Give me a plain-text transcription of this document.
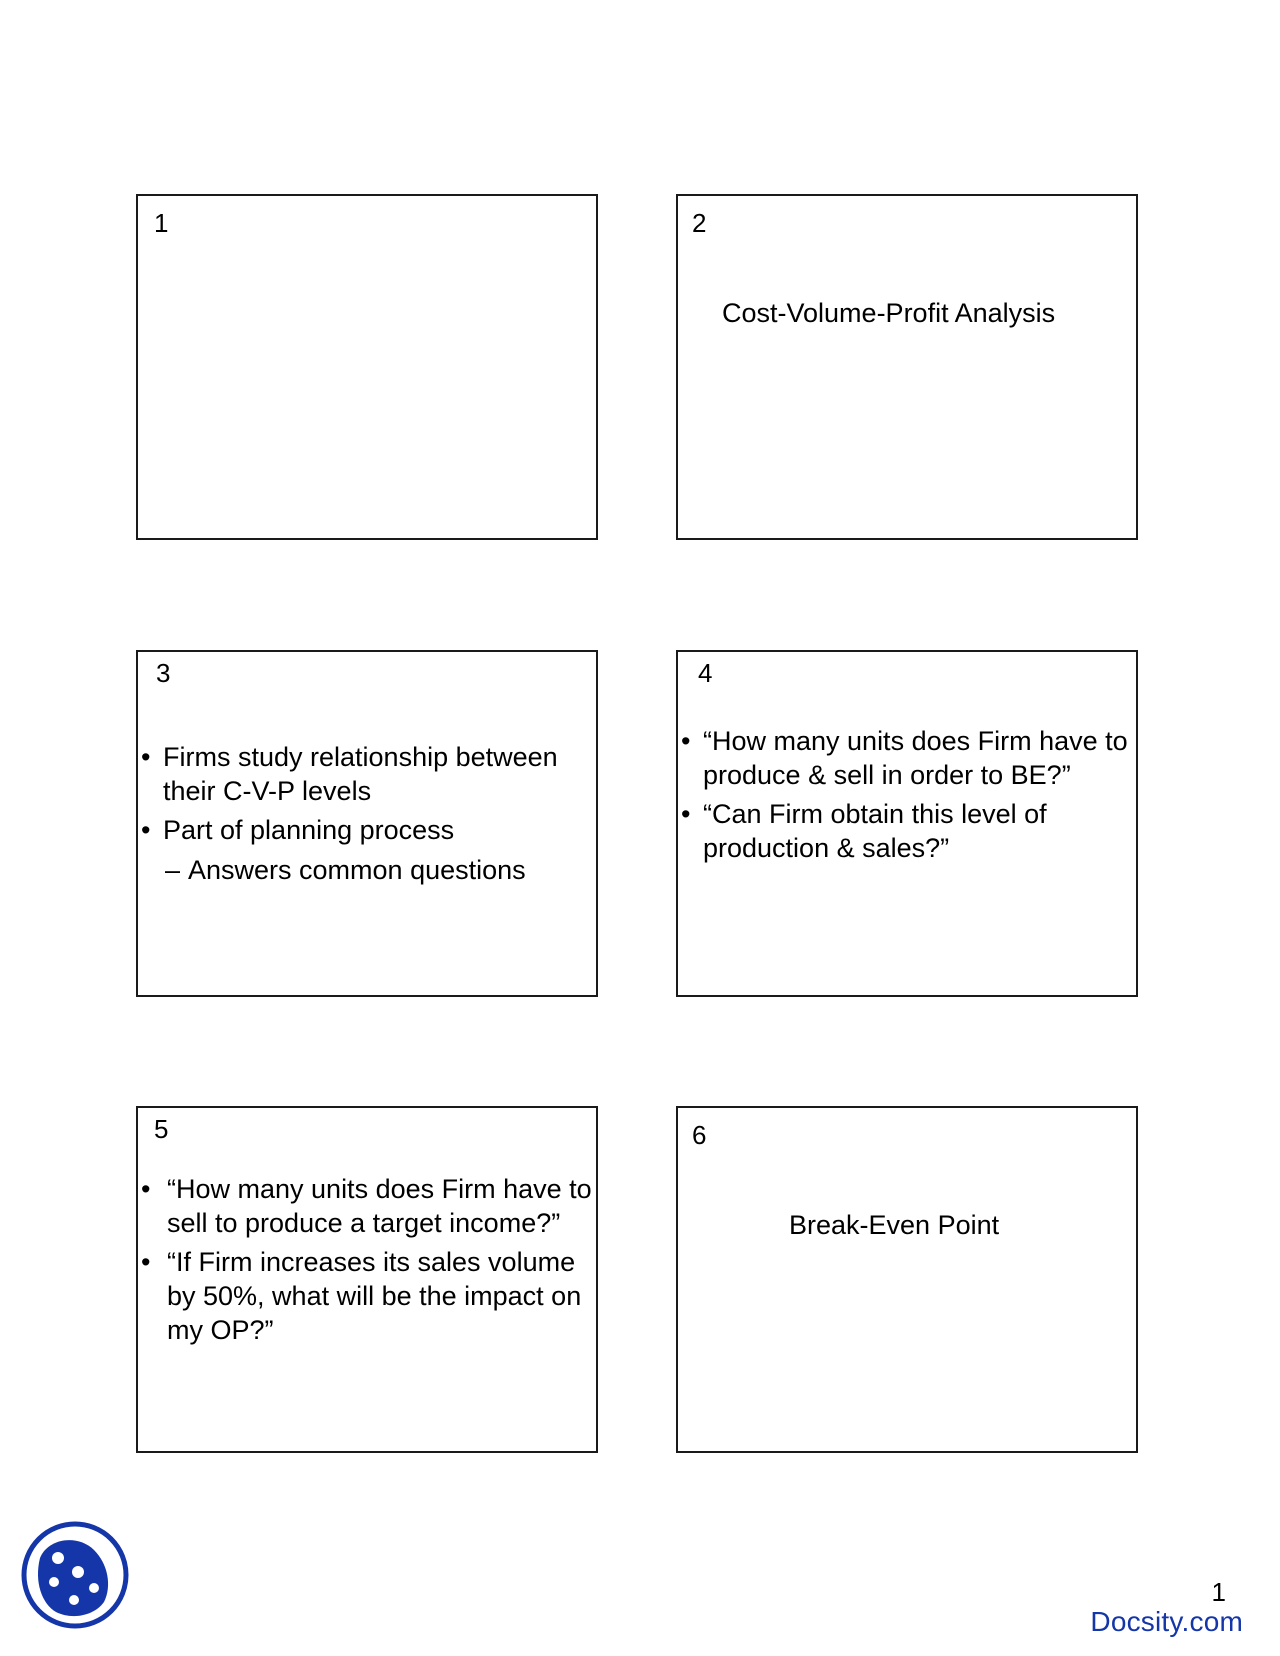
1	2
Cost-Volume-Profit Analysis
3
• Firms study relationship between their C-V-P levels
• Part of planning process
– Answers common questions
4
• “How many units does Firm have to produce & sell in order to BE?”
• “Can Firm obtain this level of production & sales?”
5
• “How many units does Firm have to sell to produce a target income?”
• “If Firm increases its sales volume by 50%, what will be the impact on my OP?”
6
Break-Even Point
1
Docsity.com
